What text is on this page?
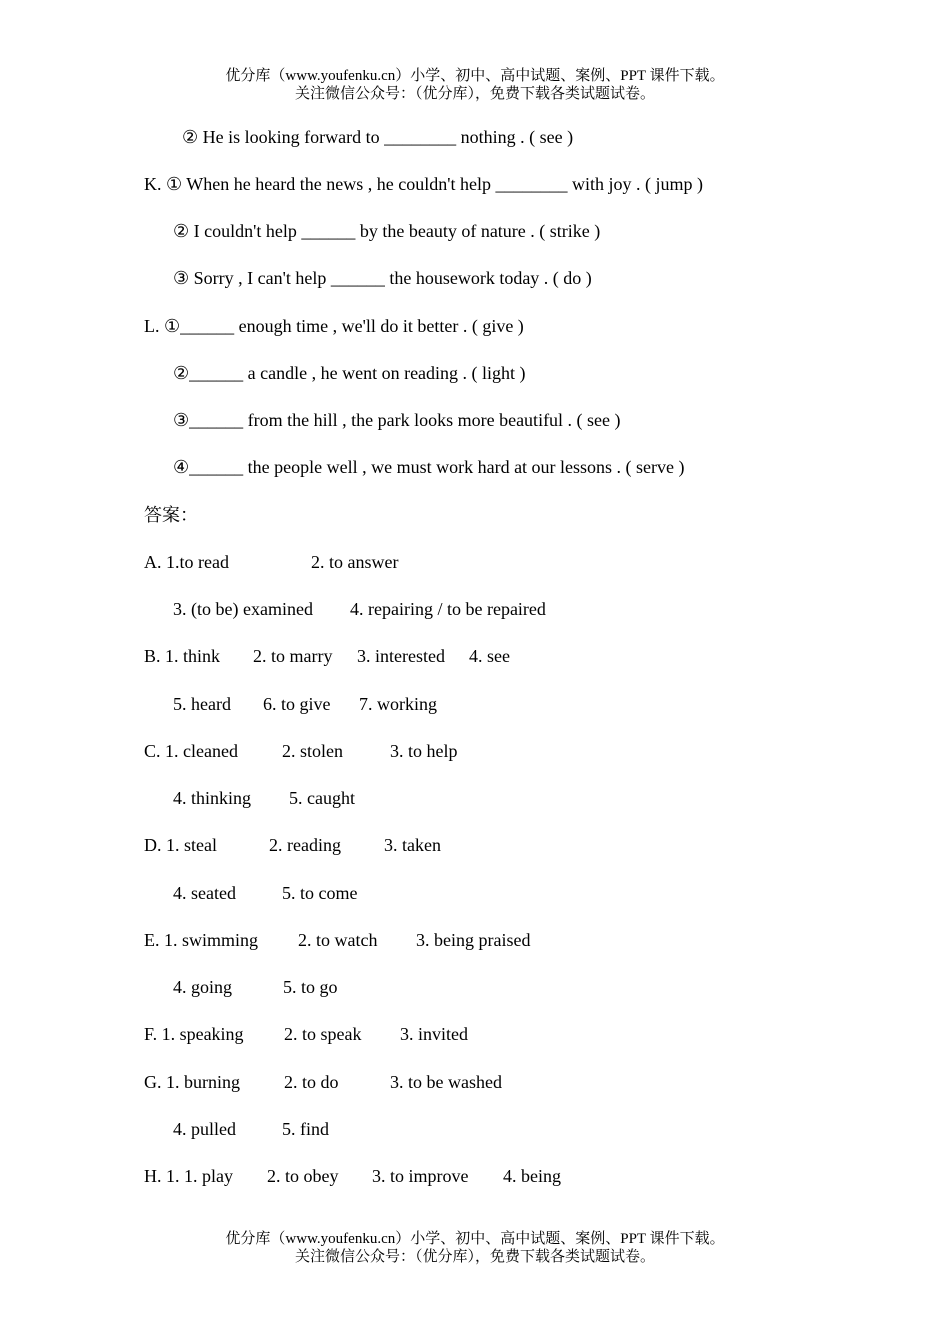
优分库（www.youfenku.cn）小学、初中、高中试题、案例、PPT 课件下载。
关注微信公众号：（优分库），免费下载各类试题试卷。
② He is looking forward to ________ nothing . ( see )
K. ① When he heard the news , he couldn't help ________ with joy . ( jump )
② I couldn't help ______ by the beauty of nature . ( strike )
③ Sorry , I can't help ______ the housework today . ( do )
L. ①______ enough time , we'll do it better . ( give )
②______ a candle , he went on reading . ( light )
③______ from the hill , the park looks more beautiful . ( see )
④______ the people well , we must work hard at our lessons . ( serve )
答案：
A. 1.to read	2. to answer
3. (to be) examined 4. repairing / to be repaired
B. 1. think 2. to marry 3. interested 4. see
5. heard 6. to give 7. working
C. 1. cleaned 2. stolen	3. to help
4. thinking 5. caught
D. 1. steal	2. reading 3. taken
4. seated	5. to come
E. 1. swimming 2. to watch 3. being praised
4. going	5. to go
F. 1. speaking 2. to speak 3. invited
G. 1. burning 2. to do	3. to be washed
4. pulled	5. find
H. 1. 1. play 2. to obey 3. to improve 4. being
优分库（www.youfenku.cn）小学、初中、高中试题、案例、PPT 课件下载。
关注微信公众号：（优分库），免费下载各类试题试卷。
